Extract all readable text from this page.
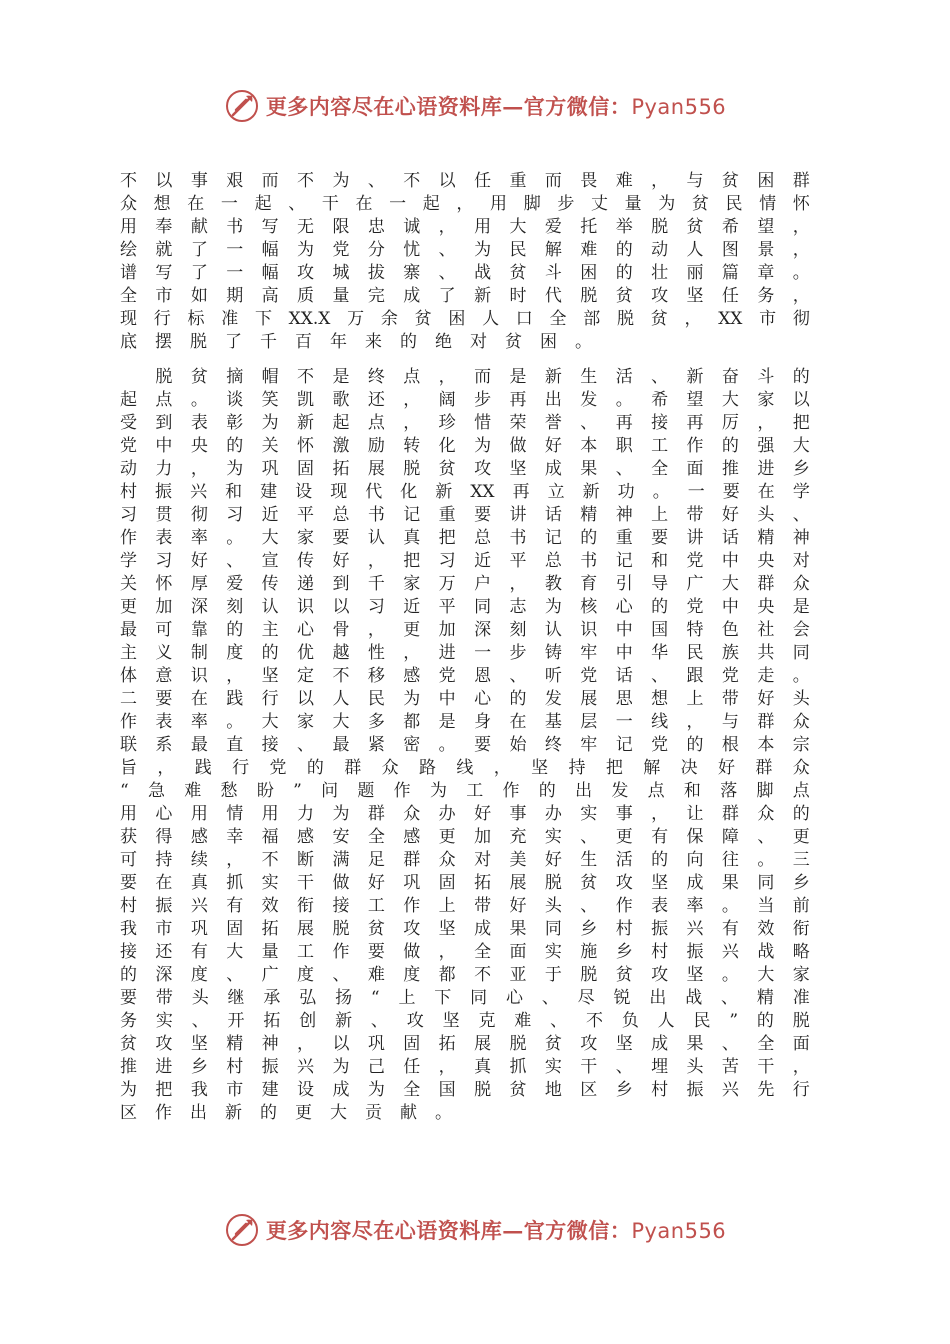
更多内容尽在心语资料库—官方微信：Pyan556
不 以 事 艰 而 不 为 、 不 以 任 重 而 畏 难 ， 与 贫 困 群
众 想 在 一 起 、 干 在 一 起 ， 用 脚 步 丈 量 为 贫 民 情 怀
用 奉 献 书 写 无 限 忠 诚 ， 用 大 爱 托 举 脱 贫 希 望 ，
绘 就 了 一 幅 为 党 分 忧 、 为 民 解 难 的 动 人 图 景 ，
谱 写 了 一 幅 攻 城 拔 寨 、 战 贫 斗 困 的 壮 丽 篇 章 。
全 市 如 期 高 质 量 完 成 了 新 时 代 脱 贫 攻 坚 任 务 ，
现 行 标 准 下 XX.X 万 余 贫 困 人 口 全 部 脱 贫 ， XX 市 彻
底 摆 脱 了 千 百 年 来 的 绝 对 贫 困 。

脱 贫 摘 帽 不 是 终 点 ， 而 是 新 生 活 、 新 奋 斗 的
起 点 。 谈 笑 凯 歌 还 ， 阔 步 再 出 发 。 希 望 大 家 以
受 到 表 彰 为 新 起 点 ， 珍 惜 荣 誉 、 再 接 再 厉 ， 把
党 中 央 的 关 怀 激 励 转 化 为 做 好 本 职 工 作 的 强 大
动 力 ， 为 巩 固 拓 展 脱 贫 攻 坚 成 果 、 全 面 推 进 乡
村 振 兴 和 建 设 现 代 化 新 XX 再 立 新 功 。 一 要 在 学
习 贯 彻 习 近 平 总 书 记 重 要 讲 话 精 神 上 带 好 头 、
作 表 率 。 大 家 要 认 真 把 总 书 记 的 重 要 讲 话 精 神
学 习 好 、 宣 传 好 ， 把 习 近 平 总 书 记 和 党 中 央 对
关 怀 厚 爱 传 递 到 千 家 万 户 ， 教 育 引 导 广 大 群 众
更 加 深 刻 认 识 以 习 近 平 同 志 为 核 心 的 党 中 央 是
最 可 靠 的 主 心 骨 ， 更 加 深 刻 认 识 中 国 特 色 社 会
主 义 制 度 的 优 越 性 ， 进 一 步 铸 牢 中 华 民 族 共 同
体 意 识 ， 坚 定 不 移 感 党 恩 、 听 党 话 、 跟 党 走 。
二 要 在 践 行 以 人 民 为 中 心 的 发 展 思 想 上 带 好 头
作 表 率 。 大 家 大 多 都 是 身 在 基 层 一 线 ， 与 群 众
联 系 最 直 接 、 最 紧 密 。 要 始 终 牢 记 党 的 根 本 宗
旨 ， 践 行 党 的 群 众 路 线 ， 坚 持 把 解 决 好 群 众
“ 急 难 愁 盼 ” 问 题 作 为 工 作 的 出 发 点 和 落 脚 点
用 心 用 情 用 力 为 群 众 办 好 事 办 实 事 ， 让 群 众 的
获 得 感 幸 福 感 安 全 感 更 加 充 实 、 更 有 保 障 、 更
可 持 续 ， 不 断 满 足 群 众 对 美 好 生 活 的 向 往 。 三
要 在 真 抓 实 干 做 好 巩 固 拓 展 脱 贫 攻 坚 成 果 同 乡
村 振 兴 有 效 衔 接 工 作 上 带 好 头 、 作 表 率 。 当 前
我 市 巩 固 拓 展 脱 贫 攻 坚 成 果 同 乡 村 振 兴 有 效 衔
接 还 有 大 量 工 作 要 做 ， 全 面 实 施 乡 村 振 兴 战 略
的 深 度 、 广 度 、 难 度 都 不 亚 于 脱 贫 攻 坚 。 大 家
要 带 头 继 承 弘 扬 “ 上 下 同 心 、 尽 锐 出 战 、 精 准
务 实 、 开 拓 创 新 、 攻 坚 克 难 、 不 负 人 民 ” 的 脱
贫 攻 坚 精 神 ， 以 巩 固 拓 展 脱 贫 攻 坚 成 果 、 全 面
推 进 乡 村 振 兴 为 己 任 ， 真 抓 实 干 、 埋 头 苦 干 ，
为 把 我 市 建 设 成 为 全 国 脱 贫 地 区 乡 村 振 兴 先 行
区 作 出 新 的 更 大 贡 献 。
更多内容尽在心语资料库—官方微信：Pyan556
